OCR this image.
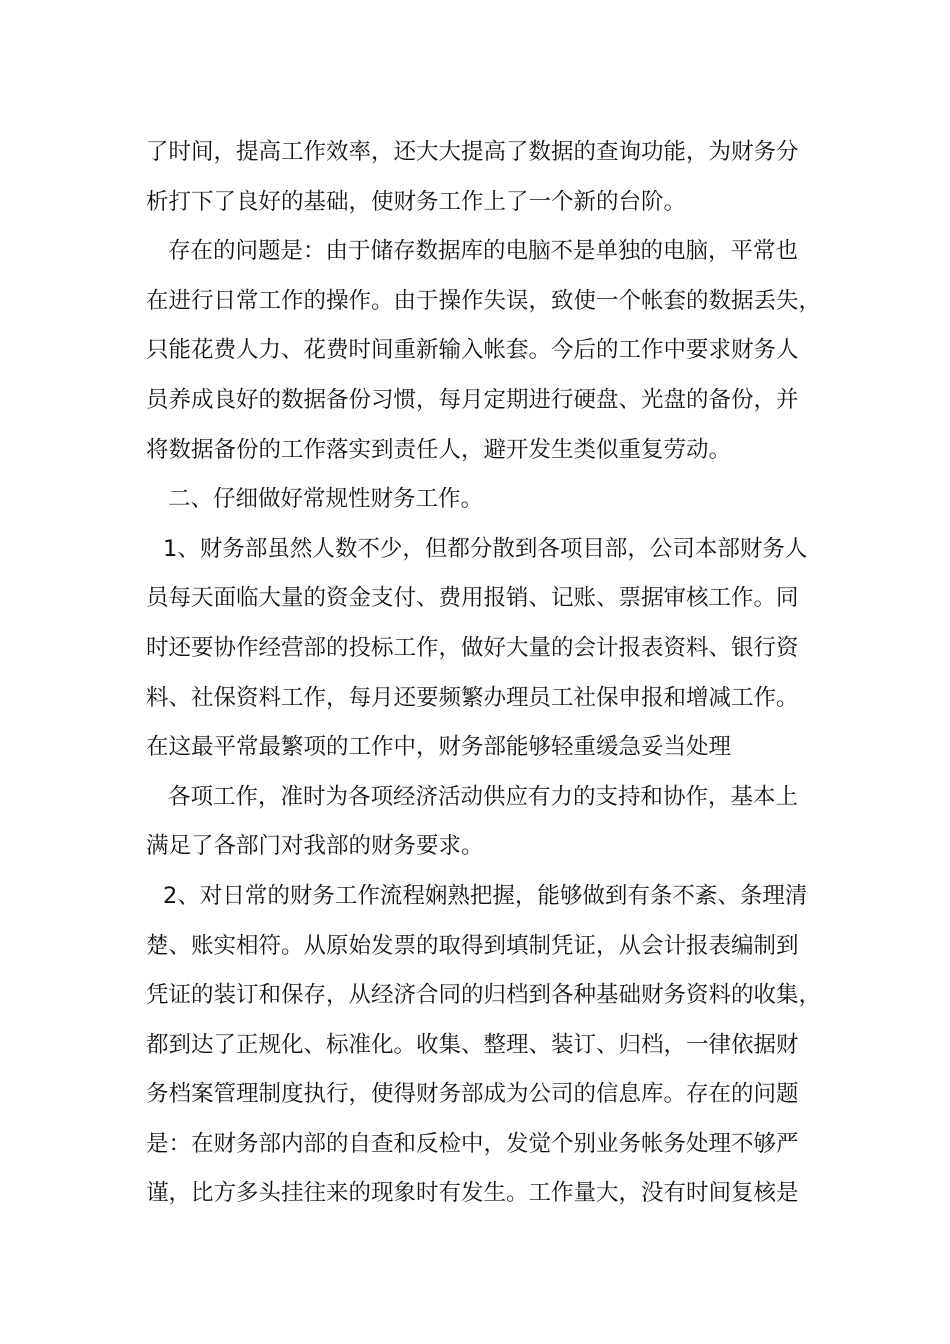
了时间，提高工作效率，还大大提高了数据的查询功能，为财务分
析打下了良好的基础，使财务工作上了一个新的台阶。
存在的问题是：由于储存数据库的电脑不是单独的电脑，平常也
在进行日常工作的操作。由于操作失误，致使一个帐套的数据丢失，
只能花费人力、花费时间重新输入帐套。今后的工作中要求财务人
员养成良好的数据备份习惯，每月定期进行硬盘、光盘的备份，并
将数据备份的工作落实到责任人，避开发生类似重复劳动。
二、仔细做好常规性财务工作。
1、财务部虽然人数不少，但都分散到各项目部，公司本部财务人
员每天面临大量的资金支付、费用报销、记账、票据审核工作。同
时还要协作经营部的投标工作，做好大量的会计报表资料、银行资
料、社保资料工作，每月还要频繁办理员工社保申报和增减工作。
在这最平常最繁项的工作中，财务部能够轻重缓急妥当处理
各项工作，准时为各项经济活动供应有力的支持和协作，基本上
满足了各部门对我部的财务要求。
2、对日常的财务工作流程娴熟把握，能够做到有条不紊、条理清
楚、账实相符。从原始发票的取得到填制凭证，从会计报表编制到
凭证的装订和保存，从经济合同的归档到各种基础财务资料的收集，
都到达了正规化、标准化。收集、整理、装订、归档，一律依据财
务档案管理制度执行，使得财务部成为公司的信息库。存在的问题
是：在财务部内部的自查和反检中，发觉个别业务帐务处理不够严
谨，比方多头挂往来的现象时有发生。工作量大，没有时间复核是
